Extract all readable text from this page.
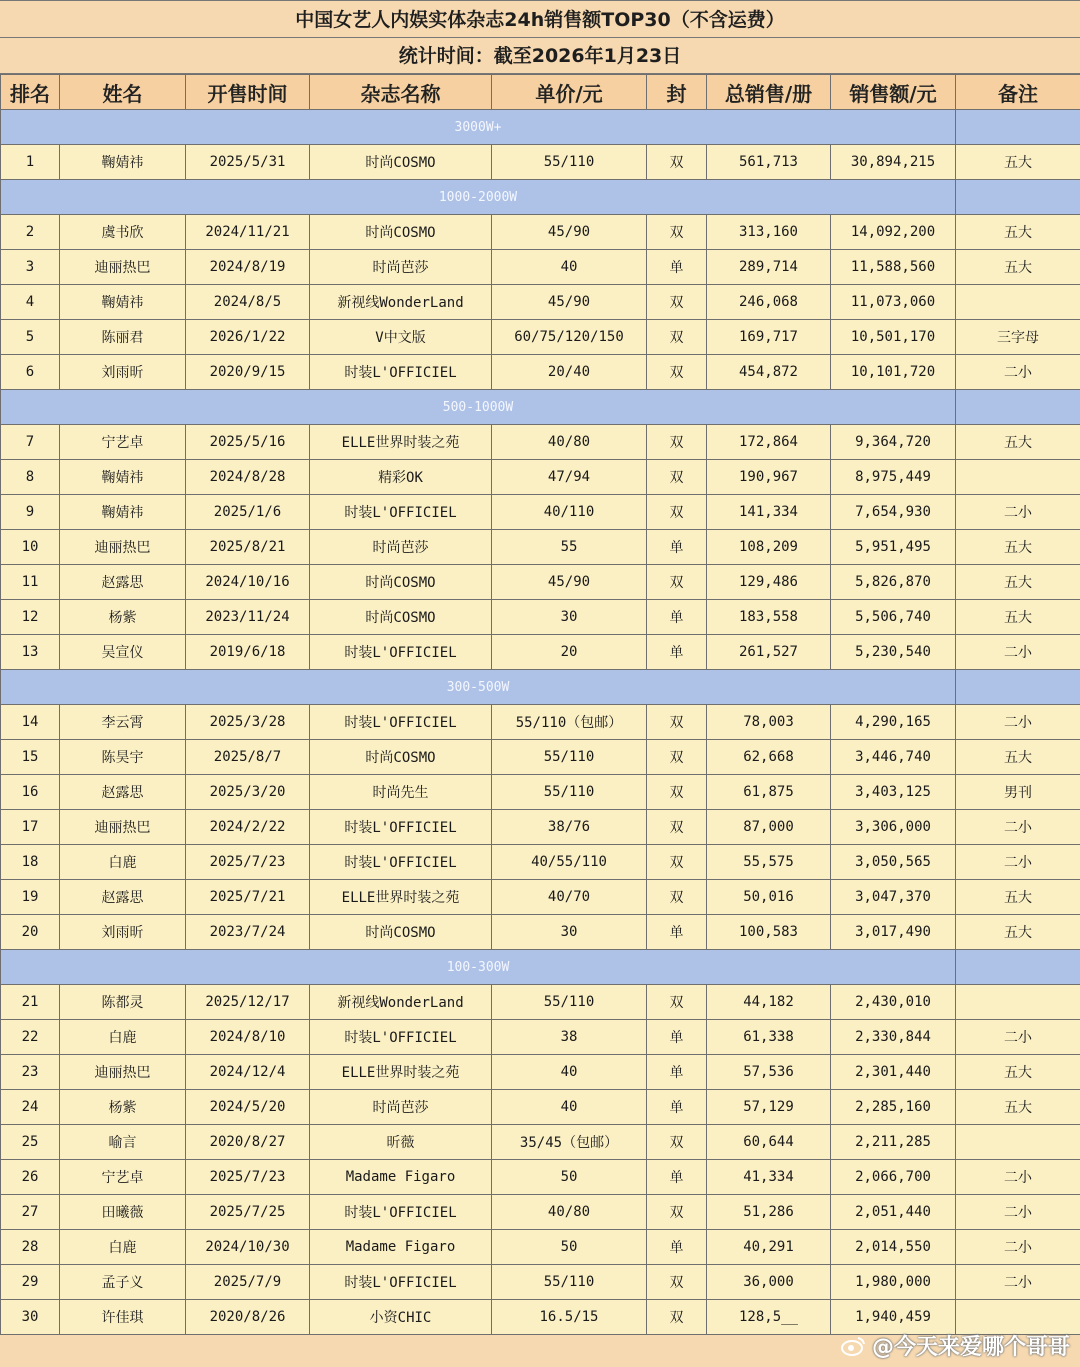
中国女艺人内娱实体杂志24h销售额TOP30（不含运费）
统计时间：截至2026年1月23日
排名	姓名	开售时间	杂志名称	单价/元	封	总销售/册	销售额/元	备注
3000W+								
1	鞠婧祎	2025/5/31	时尚COSMO	55/110	双	561,713	30,894,215	五大
1000-2000W								
2	虞书欣	2024/11/21	时尚COSMO	45/90	双	313,160	14,092,200	五大
3	迪丽热巴	2024/8/19	时尚芭莎	40	单	289,714	11,588,560	五大
4	鞠婧祎	2024/8/5	新视线WonderLand	45/90	双	246,068	11,073,060	
5	陈丽君	2026/1/22	V中文版	60/75/120/150	双	169,717	10,501,170	三字母
6	刘雨昕	2020/9/15	时装L'OFFICIEL	20/40	双	454,872	10,101,720	二小
500-1000W								
7	宁艺卓	2025/5/16	ELLE世界时装之苑	40/80	双	172,864	9,364,720	五大
8	鞠婧祎	2024/8/28	精彩OK	47/94	双	190,967	8,975,449	
9	鞠婧祎	2025/1/6	时装L'OFFICIEL	40/110	双	141,334	7,654,930	二小
10	迪丽热巴	2025/8/21	时尚芭莎	55	单	108,209	5,951,495	五大
11	赵露思	2024/10/16	时尚COSMO	45/90	双	129,486	5,826,870	五大
12	杨紫	2023/11/24	时尚COSMO	30	单	183,558	5,506,740	五大
13	吴宣仪	2019/6/18	时装L'OFFICIEL	20	单	261,527	5,230,540	二小
300-500W								
14	李云霄	2025/3/28	时装L'OFFICIEL	55/110（包邮）	双	78,003	4,290,165	二小
15	陈昊宇	2025/8/7	时尚COSMO	55/110	双	62,668	3,446,740	五大
16	赵露思	2025/3/20	时尚先生	55/110	双	61,875	3,403,125	男刊
17	迪丽热巴	2024/2/22	时装L'OFFICIEL	38/76	双	87,000	3,306,000	二小
18	白鹿	2025/7/23	时装L'OFFICIEL	40/55/110	双	55,575	3,050,565	二小
19	赵露思	2025/7/21	ELLE世界时装之苑	40/70	双	50,016	3,047,370	五大
20	刘雨昕	2023/7/24	时尚COSMO	30	单	100,583	3,017,490	五大
100-300W								
21	陈都灵	2025/12/17	新视线WonderLand	55/110	双	44,182	2,430,010	
22	白鹿	2024/8/10	时装L'OFFICIEL	38	单	61,338	2,330,844	二小
23	迪丽热巴	2024/12/4	ELLE世界时装之苑	40	单	57,536	2,301,440	五大
24	杨紫	2024/5/20	时尚芭莎	40	单	57,129	2,285,160	五大
25	喻言	2020/8/27	昕薇	35/45（包邮）	双	60,644	2,211,285	
26	宁艺卓	2025/7/23	Madame Figaro	50	单	41,334	2,066,700	二小
27	田曦薇	2025/7/25	时装L'OFFICIEL	40/80	双	51,286	2,051,440	二小
28	白鹿	2024/10/30	Madame Figaro	50	单	40,291	2,014,550	二小
29	孟子义	2025/7/9	时装L'OFFICIEL	55/110	双	36,000	1,980,000	二小
30	许佳琪	2020/8/26	小资CHIC	16.5/15	双	128,5__	1,940,459	
@今天来爱哪个哥哥
